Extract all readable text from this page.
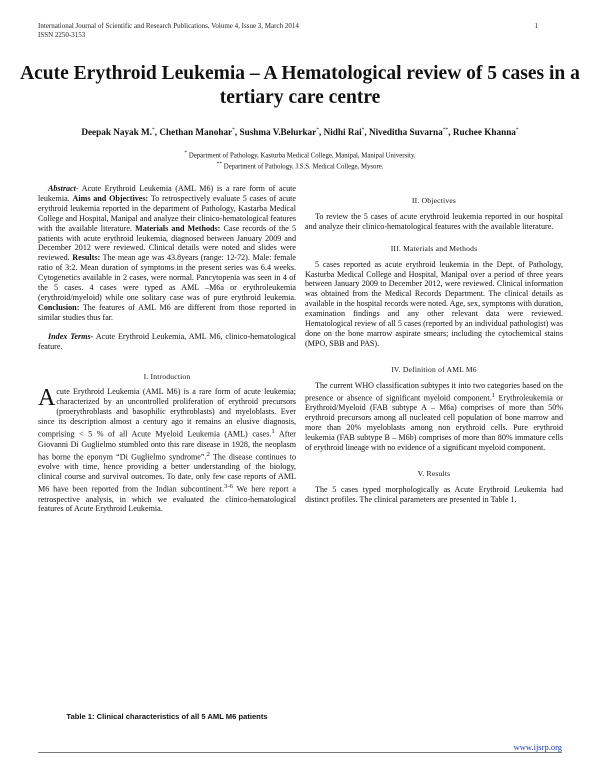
International Journal of Scientific and Research Publications, Volume 4, Issue 3, March 2014
ISSN 2250-3153
1
Acute Erythroid Leukemia – A Hematological review of 5 cases in a tertiary care centre
Deepak Nayak M.*, Chethan Manohar*, Sushma V.Belurkar*, Nidhi Rai*, Niveditha Suvarna**, Ruchee Khanna*
* Department of Pathology, Kasturba Medical College, Manipal, Manipal University.
** Department of Pathology, J.S.S. Medical College, Mysore.

Abstract- Acute Erythroid Leukemia (AML M6) is a rare form of acute leukemia. Aims and Objectives: To retrospectively evaluate 5 cases of acute erythroid leukemia reported in the department of Pathology, Kastarba Medical College and Hospital, Manipal and analyze their clinico-hematological features with the available literature. Materials and Methods: Case records of the 5 patients with acute erythroid leukemia, diagnosed between January 2009 and December 2012 were reviewed. Clinical details were noted and slides were reviewed. Results: The mean age was 43.8years (range: 12-72). Male: female ratio of 3:2. Mean duration of symptoms in the present series was 6.4 weeks. Cytogenetics available in 2 cases, were normal. Pancytopenia was seen in 4 of the 5 cases. 4 cases were typed as AML –M6a or erythroleukemia (erythroid/myeloid) while one solitary case was of pure erythroid leukemia. Conclusion: The features of AML M6 are different from those reported in similar studies thus far.

Index Terms- Acute Erythroid Leukemia, AML M6, clinico-hematological feature.

I. Introduction

Acute Erythroid Leukemia (AML M6) is a rare form of acute leukemia; characterized by an uncontrolled proliferation of erythroid precursors (proerythroblasts and basophilic erythroblasts) and myeloblasts. Ever since its description almost a century ago it remains an elusive diagnosis, comprising < 5 % of all Acute Myeloid Leukemia (AML) cases.$^1$ After Giovanni Di Guglielmo stumbled onto this rare disease in 1928, the neoplasm has borne the eponym “Di Guglielmo syndrome”.$^2$ The disease continues to evolve with time, hence providing a better understanding of the biology, clinical course and survival outcomes. To date, only few case reports of AML M6 have been reported from the Indian subcontinent.$^{3-6}$ We here report a retrospective analysis, in which we evaluated the clinico-hematological features of Acute Erythroid Leukemia.

II. Objectives

To review the 5 cases of acute erythroid leukemia reported in our hospital and analyze their clinico-hematological features with the available literature.

III. Materials and Methods

5 cases reported as acute erythroid leukemia in the Dept. of Pathology, Kasturba Medical College and Hospital, Manipal over a period of three years between January 2009 to December 2012, were reviewed. Clinical information was obtained from the Medical Records Department. The clinical details as available in the hospital records were noted. Age, sex, symptoms with duration, examination findings and any other relevant data were reviewed. Hematological review of all 5 cases (reported by an individual pathologist) was done on the bone marrow aspirate smears; including the cytochemical stains (MPO, SBB and PAS).

IV. Definition of AML M6

The current WHO classification subtypes it into two categories based on the presence or absence of significant myeloid component.$^1$ Erythroleukemia or Erythroid/Myeloid (FAB subtype A – M6a) comprises of more than 50% erythroid precursors among all nucleated cell population of bone marrow and more than 20% myeloblasts among non erythroid cells. Pure erythroid leukemia (FAB subtype B – M6b) comprises of more than 80% immature cells of erythroid lineage with no evidence of a significant myeloid component.

V. Results

The 5 cases typed morphologically as Acute Erythroid Leukemia had distinct profiles. The clinical parameters are presented in Table 1.

Table 1: Clinical characteristics of all 5 AML M6 patients
www.ijsrp.org
